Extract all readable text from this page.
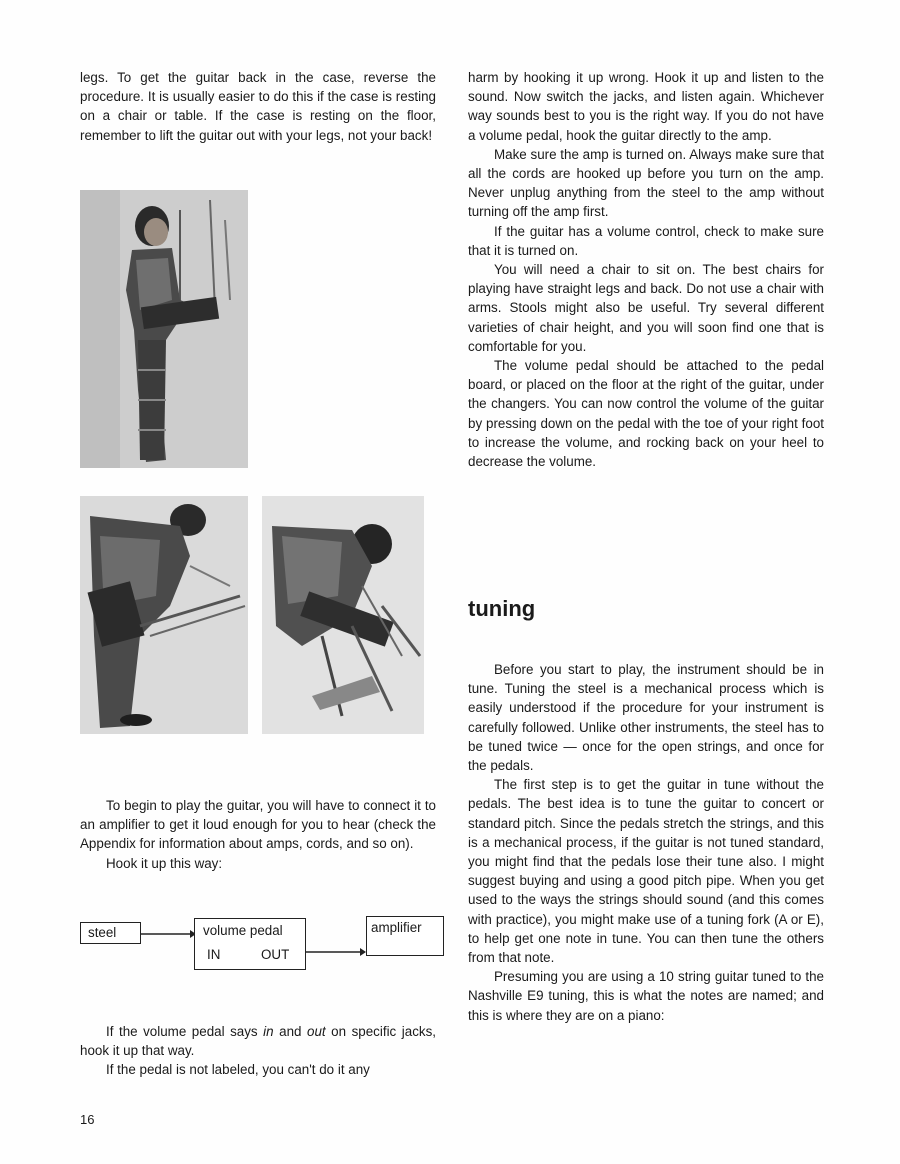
legs. To get the guitar back in the case, reverse the procedure. It is usually easier to do this if the case is resting on a chair or table. If the case is resting on the floor, remember to lift the guitar out with your legs, not your back!

To begin to play the guitar, you will have to connect it to an amplifier to get it loud enough for you to hear (check the Appendix for information about amps, cords, and so on).

Hook it up this way:

steel	volume pedal
IN	OUT
amplifier

If the volume pedal says in and out on specific jacks, hook it up that way.

If the pedal is not labeled, you can't do it any

harm by hooking it up wrong. Hook it up and listen to the sound. Now switch the jacks, and listen again. Whichever way sounds best to you is the right way. If you do not have a volume pedal, hook the guitar directly to the amp.

Make sure the amp is turned on. Always make sure that all the cords are hooked up before you turn on the amp. Never unplug anything from the steel to the amp without turning off the amp first.

If the guitar has a volume control, check to make sure that it is turned on.

You will need a chair to sit on. The best chairs for playing have straight legs and back. Do not use a chair with arms. Stools might also be useful. Try several different varieties of chair height, and you will soon find one that is comfortable for you.

The volume pedal should be attached to the pedal board, or placed on the floor at the right of the guitar, under the changers. You can now control the volume of the guitar by pressing down on the pedal with the toe of your right foot to increase the volume, and rocking back on your heel to decrease the volume.

tuning

Before you start to play, the instrument should be in tune. Tuning the steel is a mechanical process which is easily understood if the procedure for your instrument is carefully followed. Unlike other instruments, the steel has to be tuned twice — once for the open strings, and once for the pedals.

The first step is to get the guitar in tune without the pedals. The best idea is to tune the guitar to concert or standard pitch. Since the pedals stretch the strings, and this is a mechanical process, if the guitar is not tuned standard, you might find that the pedals lose their tune also. I might suggest buying and using a good pitch pipe. When you get used to the ways the strings should sound (and this comes with practice), you might make use of a tuning fork (A or E), to help get one note in tune. You can then tune the others from that note.

Presuming you are using a 10 string guitar tuned to the Nashville E9 tuning, this is what the notes are named; and this is where they are on a piano:

16
